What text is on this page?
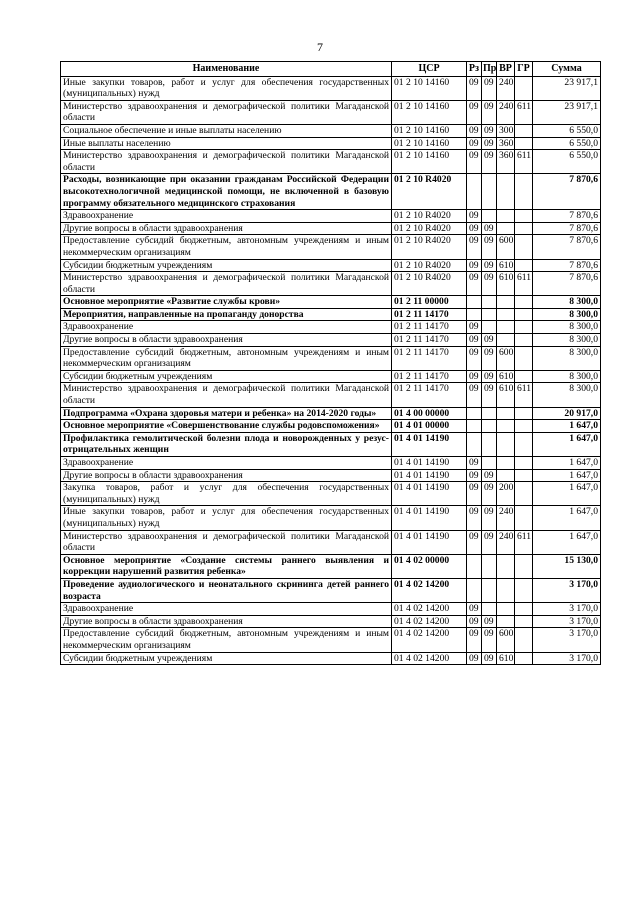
7
Наименование	ЦСР	Рз	Пр	ВР	ГР	Сумма
Иные закупки товаров, работ и услуг для обеспечения государственных (муниципальных) нужд	01 2 10 14160	09	09	240		23 917,1
Министерство здравоохранения и демографической политики Магаданской области	01 2 10 14160	09	09	240	611	23 917,1
Социальное обеспечение и иные выплаты населению	01 2 10 14160	09	09	300		6 550,0
Иные выплаты населению	01 2 10 14160	09	09	360		6 550,0
Министерство здравоохранения и демографической политики Магаданской области	01 2 10 14160	09	09	360	611	6 550,0
Расходы, возникающие при оказании гражданам Российской Федерации высокотехнологичной медицинской помощи, не включенной в базовую программу обязательного медицинского страхования	01 2 10 R4020					7 870,6
Здравоохранение	01 2 10 R4020	09				7 870,6
Другие вопросы в области здравоохранения	01 2 10 R4020	09	09			7 870,6
Предоставление субсидий бюджетным, автономным учреждениям и иным некоммерческим организациям	01 2 10 R4020	09	09	600		7 870,6
Субсидии бюджетным учреждениям	01 2 10 R4020	09	09	610		7 870,6
Министерство здравоохранения и демографической политики Магаданской области	01 2 10 R4020	09	09	610	611	7 870,6
Основное мероприятие «Развитие службы крови»	01 2 11 00000					8 300,0
Мероприятия, направленные на пропаганду донорства	01 2 11 14170					8 300,0
Здравоохранение	01 2 11 14170	09				8 300,0
Другие вопросы в области здравоохранения	01 2 11 14170	09	09			8 300,0
Предоставление субсидий бюджетным, автономным учреждениям и иным некоммерческим организациям	01 2 11 14170	09	09	600		8 300,0
Субсидии бюджетным учреждениям	01 2 11 14170	09	09	610		8 300,0
Министерство здравоохранения и демографической политики Магаданской области	01 2 11 14170	09	09	610	611	8 300,0
Подпрограмма «Охрана здоровья матери и ребенка» на 2014-2020 годы»	01 4 00 00000					20 917,0
Основное мероприятие «Совершенствование службы родовспоможения»	01 4 01 00000					1 647,0
Профилактика гемолитической болезни плода и новорожденных у резус-отрицательных женщин	01 4 01 14190					1 647,0
Здравоохранение	01 4 01 14190	09				1 647,0
Другие вопросы в области здравоохранения	01 4 01 14190	09	09			1 647,0
Закупка товаров, работ и услуг для обеспечения государственных (муниципальных) нужд	01 4 01 14190	09	09	200		1 647,0
Иные закупки товаров, работ и услуг для обеспечения государственных (муниципальных) нужд	01 4 01 14190	09	09	240		1 647,0
Министерство здравоохранения и демографической политики Магаданской области	01 4 01 14190	09	09	240	611	1 647,0
Основное мероприятие «Создание системы раннего выявления и коррекции нарушений развития ребенка»	01 4 02 00000					15 130,0
Проведение аудиологического и неонатального скрининга детей раннего возраста	01 4 02 14200					3 170,0
Здравоохранение	01 4 02 14200	09				3 170,0
Другие вопросы в области здравоохранения	01 4 02 14200	09	09			3 170,0
Предоставление субсидий бюджетным, автономным учреждениям и иным некоммерческим организациям	01 4 02 14200	09	09	600		3 170,0
Субсидии бюджетным учреждениям	01 4 02 14200	09	09	610		3 170,0
